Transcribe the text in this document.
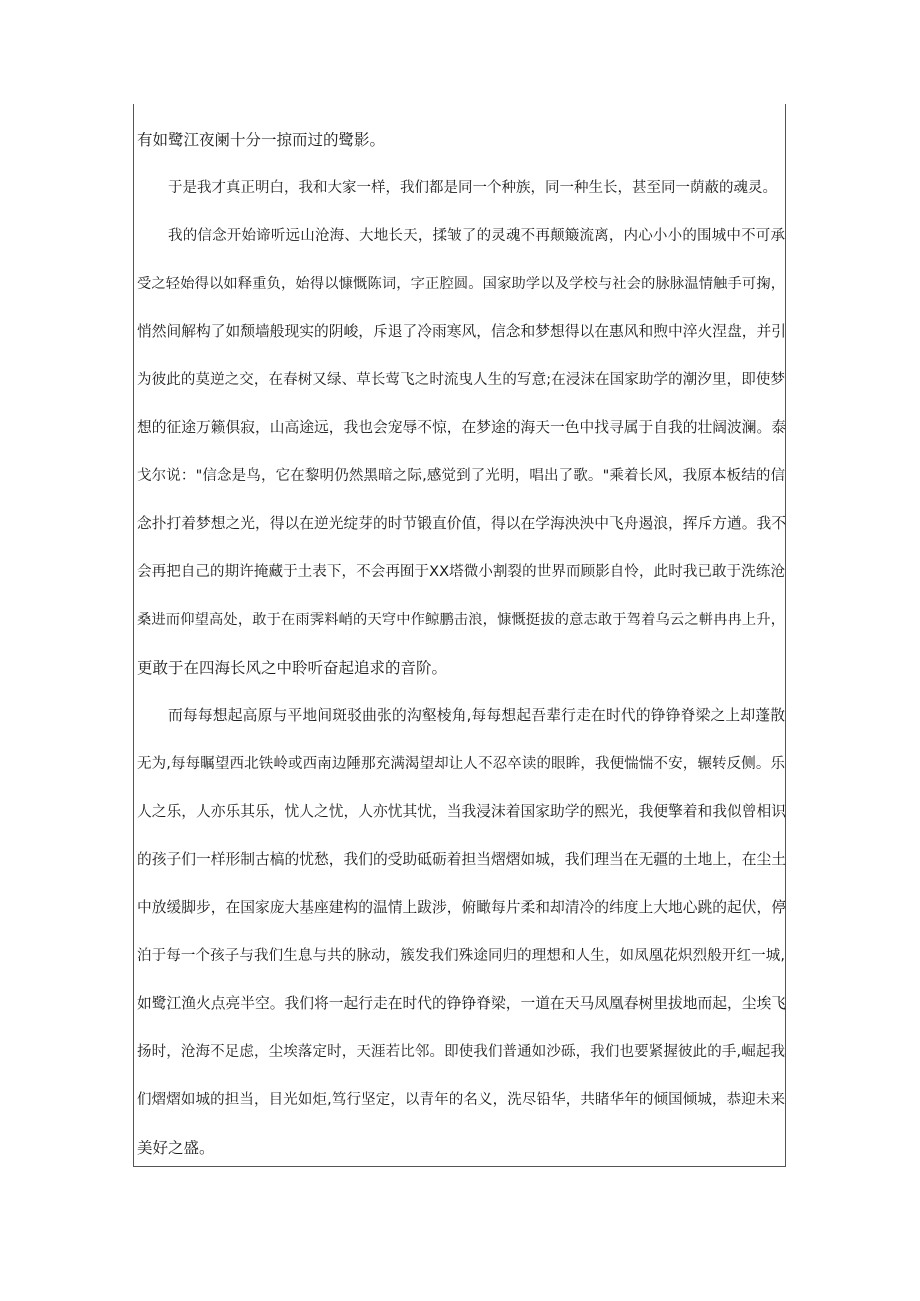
有如鹭江夜阑十分一掠而过的鹭影。
于是我才真正明白，我和大家一样，我们都是同一个种族，同一种生长，甚至同一荫蔽的魂灵。
我的信念开始谛听远山沧海、大地长天，揉皱了的灵魂不再颠簸流离，内心小小的围城中不可承
受之轻始得以如释重负，始得以慷慨陈词，字正腔圆。国家助学以及学校与社会的脉脉温情触手可掬，
悄然间解构了如颓墙般现实的阴峻，斥退了冷雨寒风，信念和梦想得以在惠风和煦中淬火涅盘，并引
为彼此的莫逆之交，在春树又绿、草长莺飞之时流曳人生的写意;在浸沫在国家助学的潮汐里，即使梦
想的征途万籁俱寂，山高途远，我也会宠辱不惊，在梦途的海天一色中找寻属于自我的壮阔波澜。泰
戈尔说："信念是鸟，它在黎明仍然黑暗之际,感觉到了光明，唱出了歌。"乘着长风，我原本板结的信
念扑打着梦想之光，得以在逆光绽芽的时节锻直价值，得以在学海泱泱中飞舟遏浪，挥斥方遒。我不
会再把自己的期许掩藏于土表下，不会再囿于XX塔微小割裂的世界而顾影自怜，此时我已敢于洗练沧
桑进而仰望高处，敢于在雨霁料峭的天穹中作鲸鹏击浪，慷慨挺拔的意志敢于驾着乌云之軿冉冉上升，
更敢于在四海长风之中聆听奋起追求的音阶。
而每每想起高原与平地间斑驳曲张的沟壑棱角,每每想起吾辈行走在时代的铮铮脊梁之上却蓬散
无为,每每瞩望西北铁岭或西南边陲那充满渴望却让人不忍卒读的眼眸，我便惴惴不安，辗转反侧。乐
人之乐，人亦乐其乐，忧人之忧，人亦忧其忧，当我浸沫着国家助学的熙光，我便擎着和我似曾相识
的孩子们一样形制古槁的忧愁，我们的受助砥砺着担当熠熠如城，我们理当在无疆的土地上，在尘土
中放缓脚步，在国家庞大基座建构的温情上跋涉，俯瞰每片柔和却清冷的纬度上大地心跳的起伏，停
泊于每一个孩子与我们生息与共的脉动，簇发我们殊途同归的理想和人生，如凤凰花炽烈般开红一城,
如鹭江渔火点亮半空。我们将一起行走在时代的铮铮脊梁，一道在天马凤凰春树里拔地而起，尘埃飞
扬时，沧海不足虑，尘埃落定时，天涯若比邻。即使我们普通如沙砾，我们也要紧握彼此的手,崛起我
们熠熠如城的担当，目光如炬,笃行坚定，以青年的名义，洗尽铅华，共睹华年的倾国倾城，恭迎未来
美好之盛。
